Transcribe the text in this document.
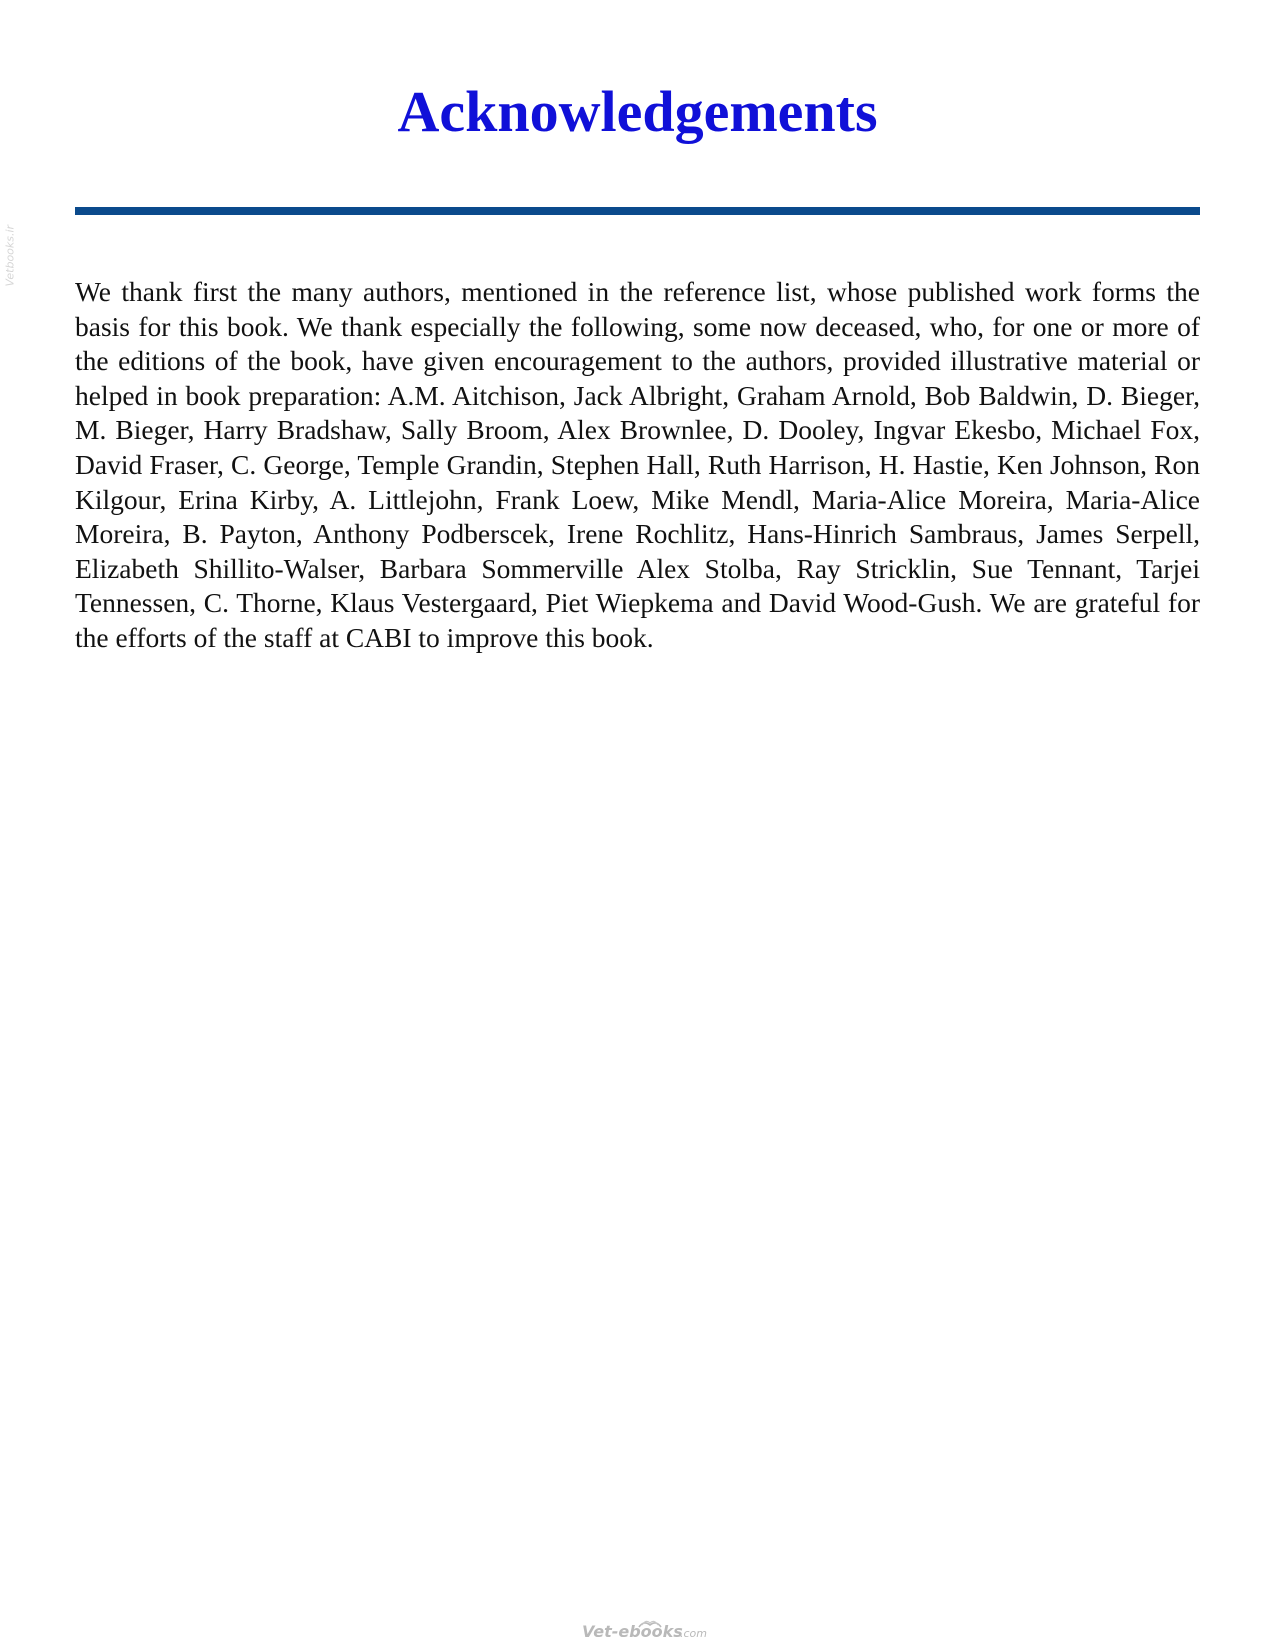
Vetbooks.ir
Acknowledgements

We thank first the many authors, mentioned in the reference list, whose published work forms the basis for this book. We thank especially the following, some now deceased, who, for one or more of the editions of the book, have given encouragement to the authors, provided illustrative material or helped in book preparation: A.M. Aitchison, Jack Albright, Graham Arnold, Bob Baldwin, D. Bieger, M. Bieger, Harry Bradshaw, Sally Broom, Alex Brownlee, D. Dooley, Ingvar Ekesbo, Michael Fox, David Fraser, C. George, Temple Grandin, Stephen Hall, Ruth Harrison, H. Hastie, Ken Johnson, Ron Kilgour, Erina Kirby, A. Littlejohn, Frank Loew, Mike Mendl, Maria-Alice Moreira, Maria-Alice Moreira, B. Payton, Anthony Podberscek, Irene Rochlitz, Hans-Hinrich Sambraus, James Serpell, Elizabeth Shillito-Walser, Barbara Sommerville Alex Stolba, Ray Stricklin, Sue Tennant, Tarjei Tennessen, C. Thorne, Klaus Vestergaard, Piet Wiepkema and David Wood-Gush. We are grateful for the efforts of the staff at CABI to improve this book.

Vet-ebooks
.com
